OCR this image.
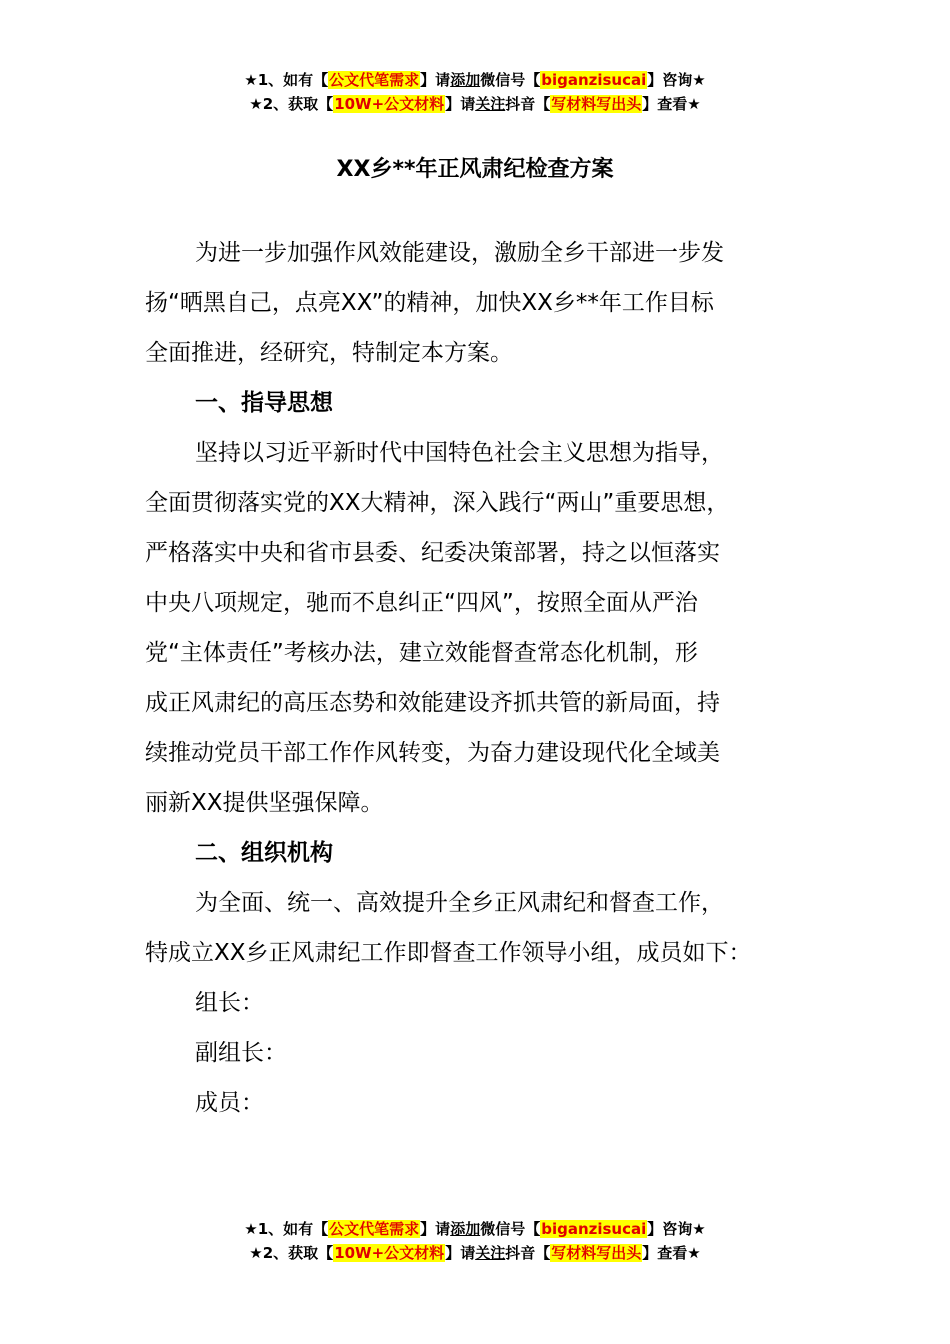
★1、如有【公文代笔需求】请添加微信号【biganzisucai】咨询★
★2、获取【10W+公文材料】请关注抖音【写材料写出头】查看★
XX乡**年正风肃纪检查方案
为进一步加强作风效能建设，激励全乡干部进一步发
扬“晒黑自己，点亮XX”的精神，加快XX乡**年工作目标
全面推进，经研究，特制定本方案。
一、指导思想
坚持以习近平新时代中国特色社会主义思想为指导，
全面贯彻落实党的XX大精神，深入践行“两山”重要思想，
严格落实中央和省市县委、纪委决策部署，持之以恒落实
中央八项规定，驰而不息纠正“四风”，按照全面从严治
党“主体责任”考核办法，建立效能督查常态化机制，形
成正风肃纪的高压态势和效能建设齐抓共管的新局面，持
续推动党员干部工作作风转变，为奋力建设现代化全域美
丽新XX提供坚强保障。
二、组织机构
为全面、统一、高效提升全乡正风肃纪和督查工作，
特成立XX乡正风肃纪工作即督查工作领导小组，成员如下：
组长：
副组长：
成员：
★1、如有【公文代笔需求】请添加微信号【biganzisucai】咨询★
★2、获取【10W+公文材料】请关注抖音【写材料写出头】查看★
